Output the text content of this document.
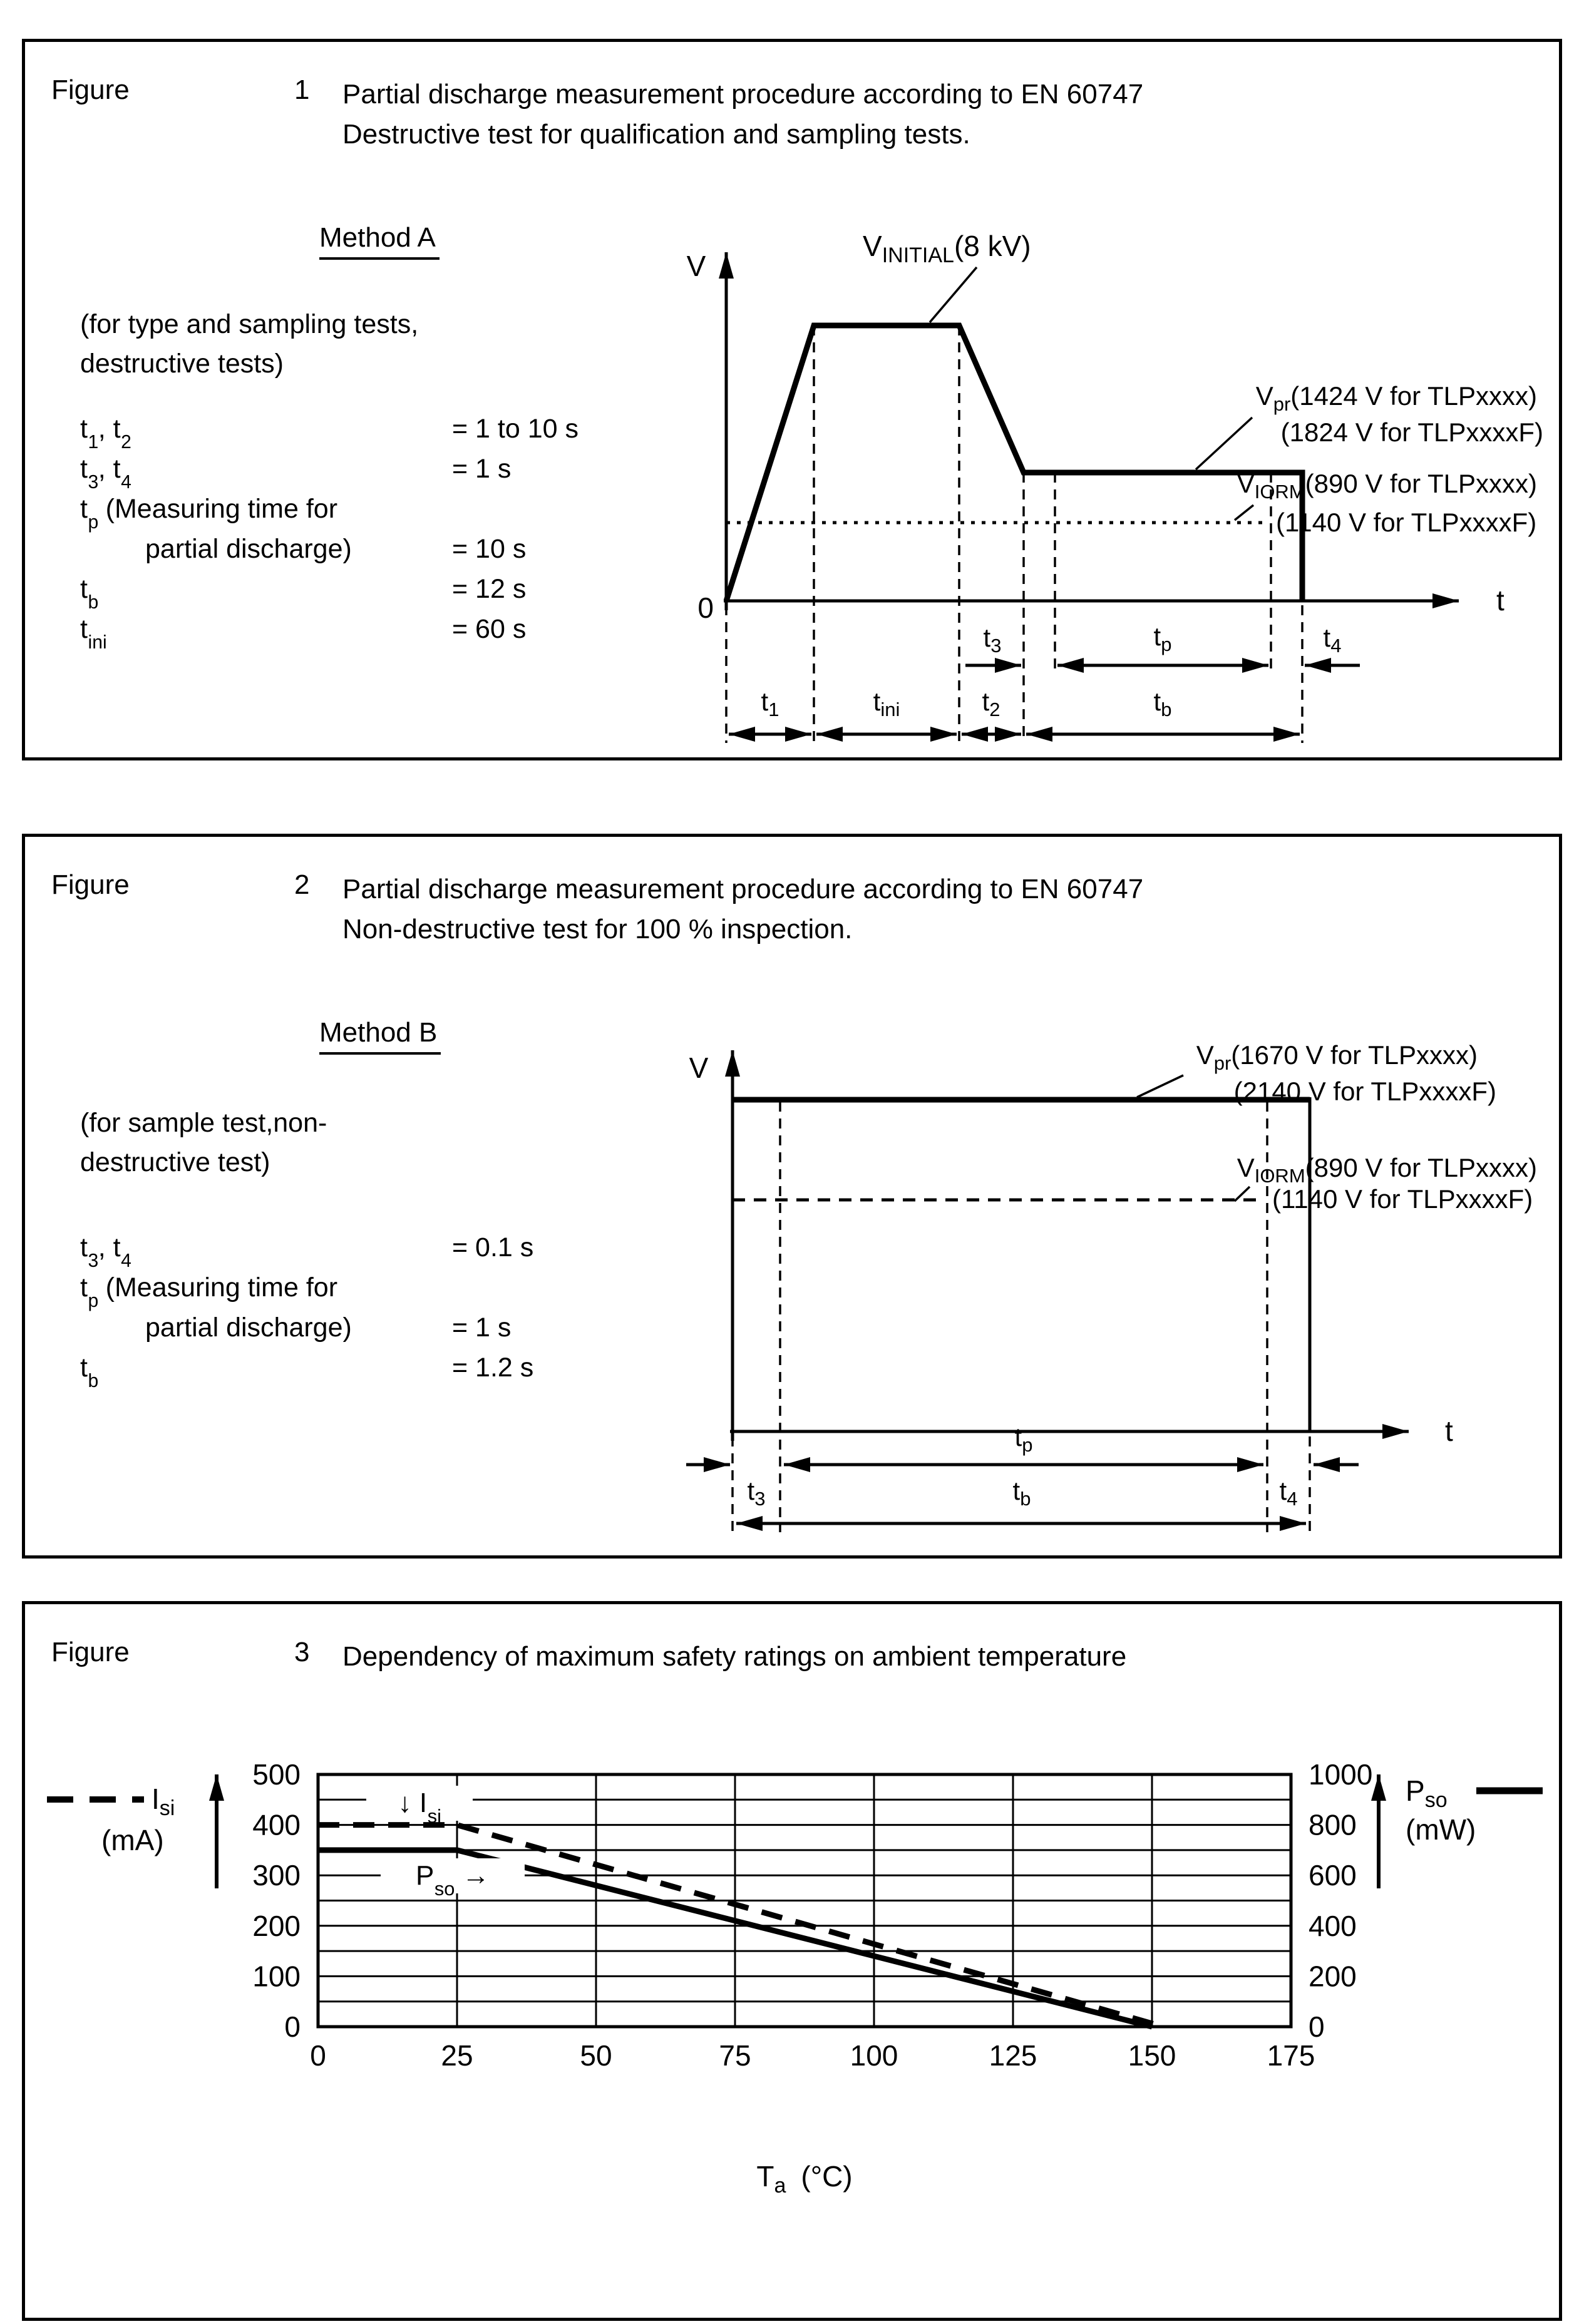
Figure	1 Partial discharge measurement procedure according to EN 60747
Destructive test for qualification and sampling tests.
Method A
(for type and sampling tests,
destructive tests)
$t_1$, $t_2$	= 1 to 10 s
$t_3$, $t_4$	= 1 s
$t_p$ (Measuring time for
partial discharge)	= 10 s
$t_b$	= 12 s
$t_{ini}$	= 60 s
V
t
0
$V_{INITIAL}(8$ kV)
$V_{pr}(1424$ V for TLPxxxx)
(1824 V for TLPxxxxF)
$V_{IORM}(890$ V for TLPxxxx)
(1140 V for TLPxxxxF)
$t_3$	$t_p$	$t_4$
$t_1$	$t_{ini}$	$t_2$	$t_b$
Figure	2 Partial discharge measurement procedure according to EN 60747
Non-destructive test for 100 % inspection.
Method B
(for sample test,non-
destructive test)
$t_3$, $t_4$	= 0.1 s
$t_p$ (Measuring time for
partial discharge)	= 1 s
$t_b$	= 1.2 s
V
t
$V_{pr}(1670$ V for TLPxxxx)
(2140 V for TLPxxxxF)
$V_{IORM}(890$ V for TLPxxxx)
(1140 V for TLPxxxxF)
$t_p$
$t_3$	$t_b$	$t_4$
Figure	3 Dependency of maximum safety ratings on ambient temperature
$I_{si}$
(mA)
$P_{so}$
(mW)
$T_a$ (°C)
0
100
200
300
400
500
0
200
400
600
800
1000
0	25	50	75	100	125	150	175
↓ $I_{si}$
$P_{so}$ →
